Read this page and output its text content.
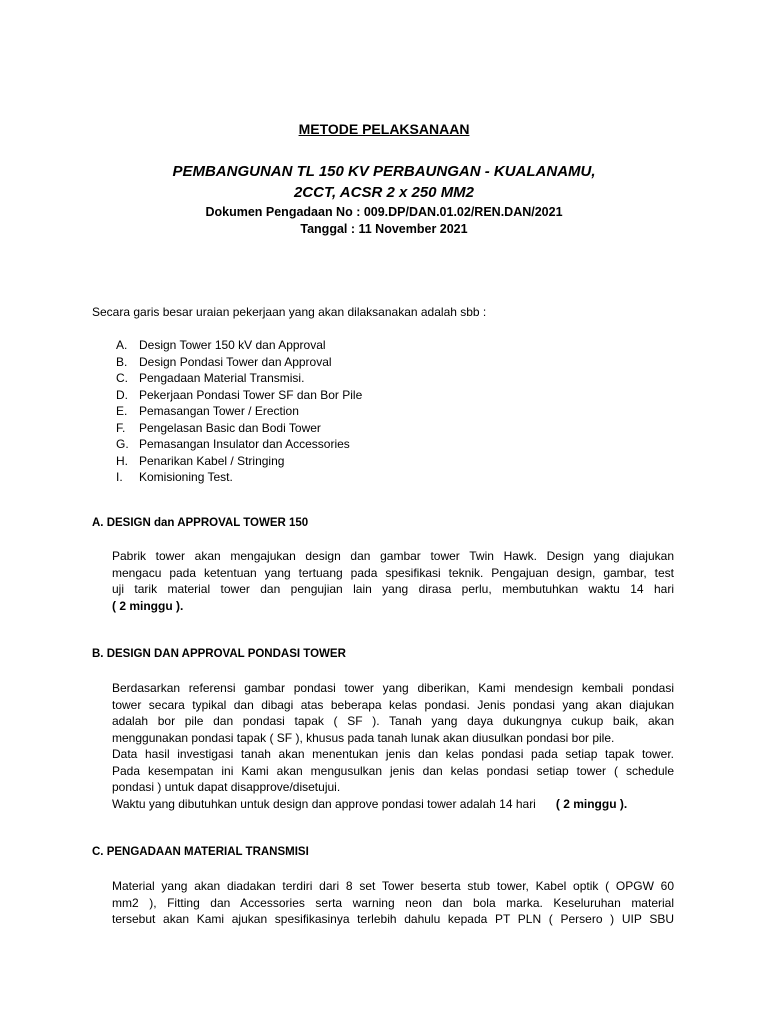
METODE PELAKSANAAN
PEMBANGUNAN TL 150 KV PERBAUNGAN - KUALANAMU,
2CCT, ACSR 2 x 250 MM2
Dokumen Pengadaan No : 009.DP/DAN.01.02/REN.DAN/2021
Tanggal : 11 November 2021
Secara garis besar uraian pekerjaan yang akan dilaksanakan adalah sbb :
A. Design Tower 150 kV dan Approval
B. Design Pondasi Tower dan Approval
C. Pengadaan Material Transmisi.
D. Pekerjaan Pondasi Tower SF dan Bor Pile
E. Pemasangan Tower / Erection
F. Pengelasan Basic dan Bodi Tower
G. Pemasangan Insulator dan Accessories
H. Penarikan Kabel / Stringing
I. Komisioning Test.
A. DESIGN dan APPROVAL TOWER 150
Pabrik tower akan mengajukan design dan gambar tower Twin Hawk. Design yang diajukan
mengacu pada ketentuan yang tertuang pada spesifikasi teknik. Pengajuan design, gambar, test
uji tarik material tower dan pengujian lain yang dirasa perlu, membutuhkan waktu 14 hari
( 2 minggu ).
B. DESIGN DAN APPROVAL PONDASI TOWER
Berdasarkan referensi gambar pondasi tower yang diberikan, Kami mendesign kembali pondasi
tower secara typikal dan dibagi atas beberapa kelas pondasi. Jenis pondasi yang akan diajukan
adalah bor pile dan pondasi tapak ( SF ). Tanah yang daya dukungnya cukup baik, akan
menggunakan pondasi tapak ( SF ), khusus pada tanah lunak akan diusulkan pondasi bor pile.
Data hasil investigasi tanah akan menentukan jenis dan kelas pondasi pada setiap tapak tower.
Pada kesempatan ini Kami akan mengusulkan jenis dan kelas pondasi setiap tower ( schedule
pondasi ) untuk dapat disapprove/disetujui.
Waktu yang dibutuhkan untuk design dan approve pondasi tower adalah 14 hari ( 2 minggu ).
C. PENGADAAN MATERIAL TRANSMISI
Material yang akan diadakan terdiri dari 8 set Tower beserta stub tower, Kabel optik ( OPGW 60
mm2 ), Fitting dan Accessories serta warning neon dan bola marka. Keseluruhan material
tersebut akan Kami ajukan spesifikasinya terlebih dahulu kepada PT PLN ( Persero ) UIP SBU
